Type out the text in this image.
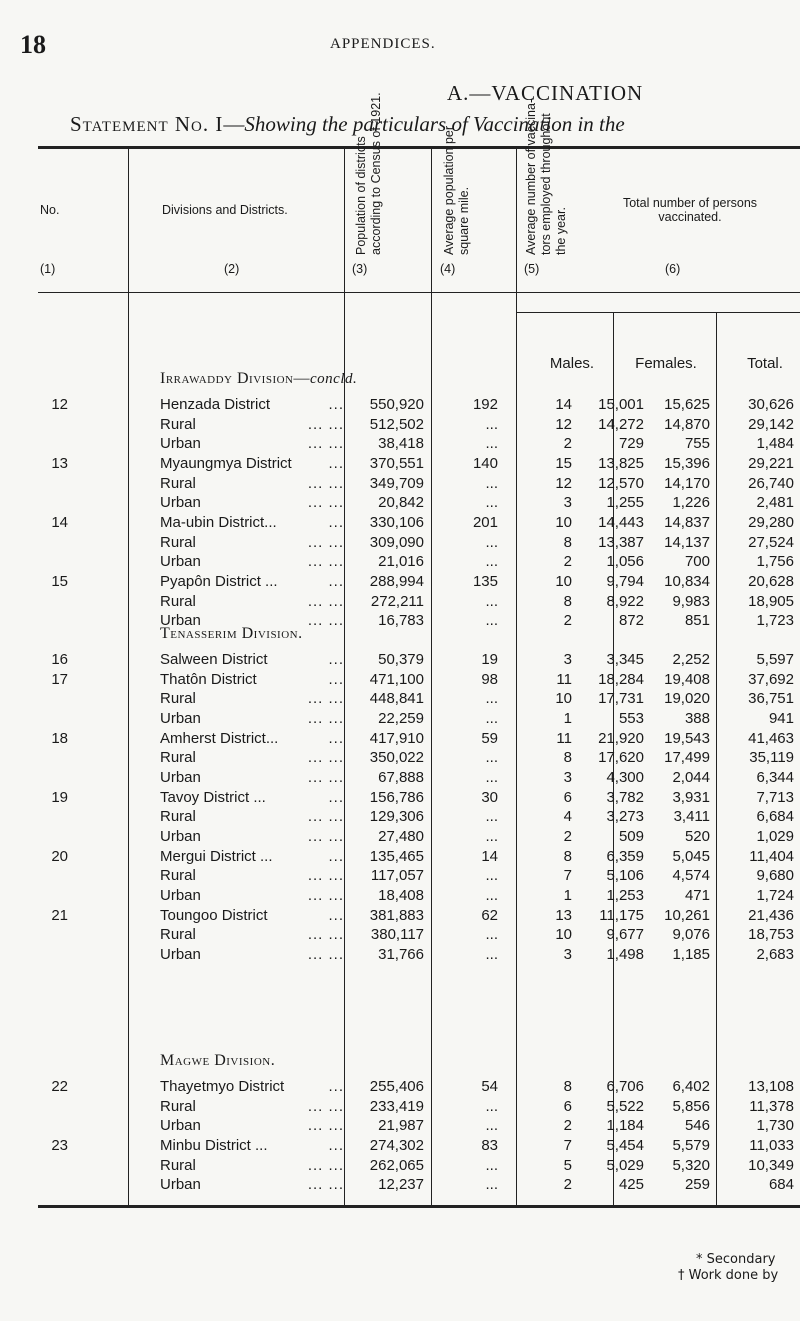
18	APPENDICES.
A.—VACCINATION
Statement No. I—Showing the particulars of Vaccination in the
No.
(1)
Divisions and Districts.
(2)
Population of districts according to Census of 1921.
(3)
Average population per square mile.
(4)
Average number of vaccina- tors employed throughout the year.
(5)
Total number of persons
vaccinated.
(6)
Males.	Females.	Total.
Irrawaddy Division—concld.
12	Henzada District	...	550,920	192	14	15,001	15,625	30,626
Rural	... ...	512,502	...	12	14,272	14,870	29,142
Urban	... ...	38,418	...	2	729	755	1,484
13	Myaungmya District	...	370,551	140	15	13,825	15,396	29,221
Rural	... ...	349,709	...	12	12,570	14,170	26,740
Urban	... ...	20,842	...	3	1,255	1,226	2,481
14	Ma-ubin District...	...	330,106	201	10	14,443	14,837	29,280
Rural	... ...	309,090	...	8	13,387	14,137	27,524
Urban	... ...	21,016	...	2	1,056	700	1,756
15	Pyapôn District ...	...	288,994	135	10	9,794	10,834	20,628
Rural	... ...	272,211	...	8	8,922	9,983	18,905
Urban	... ...	16,783	...	2	872	851	1,723
Tenasserim Division.
16	Salween District	...	50,379	19	3	3,345	2,252	5,597
17	Thatôn District	...	471,100	98	11	18,284	19,408	37,692
Rural	... ...	448,841	...	10	17,731	19,020	36,751
Urban	... ...	22,259	...	1	553	388	941
18	Amherst District...	...	417,910	59	11	21,920	19,543	41,463
Rural	... ...	350,022	...	8	17,620	17,499	35,119
Urban	... ...	67,888	...	3	4,300	2,044	6,344
19	Tavoy District ...	...	156,786	30	6	3,782	3,931	7,713
Rural	... ...	129,306	...	4	3,273	3,411	6,684
Urban	... ...	27,480	...	2	509	520	1,029
20	Mergui District ...	...	135,465	14	8	6,359	5,045	11,404
Rural	... ...	117,057	...	7	5,106	4,574	9,680
Urban	... ...	18,408	...	1	1,253	471	1,724
21	Toungoo District	...	381,883	62	13	11,175	10,261	21,436
Rural	... ...	380,117	...	10	9,677	9,076	18,753
Urban	... ...	31,766	...	3	1,498	1,185	2,683
Magwe Division.
22	Thayetmyo District	...	255,406	54	8	6,706	6,402	13,108
Rural	... ...	233,419	...	6	5,522	5,856	11,378
Urban	... ...	21,987	...	2	1,184	546	1,730
23	Minbu District ...	...	274,302	83	7	5,454	5,579	11,033
Rural	... ...	262,065	...	5	5,029	5,320	10,349
Urban	... ...	12,237	...	2	425	259	684
* Secondary
† Work done by
